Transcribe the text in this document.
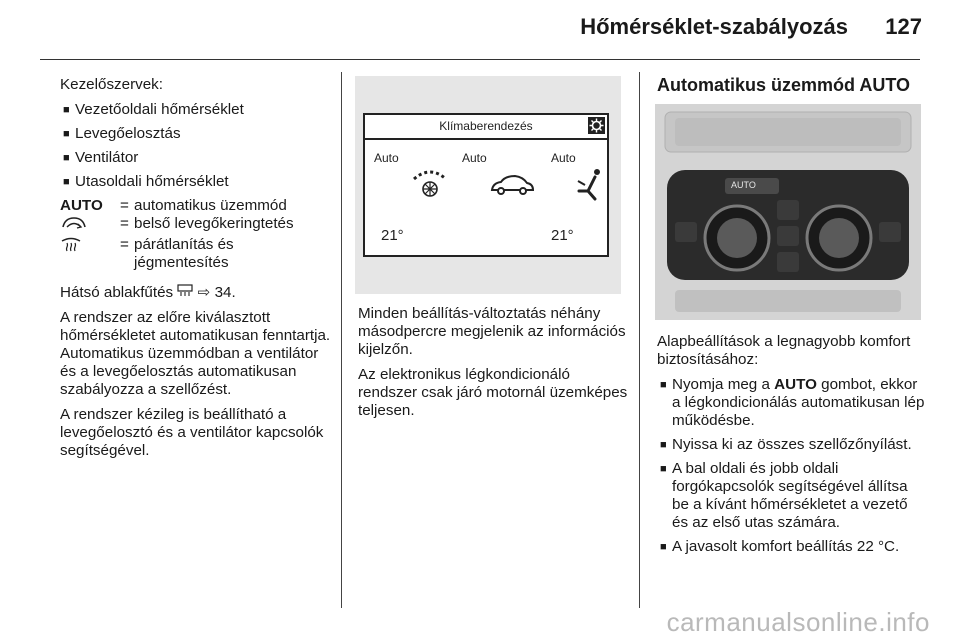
Hőmérséklet-szabályozás 127

Kezelőszervek:

■ Vezetőoldali hőmérséklet
■ Levegőelosztás
■ Ventilátor
■ Utasoldali hőmérséklet
AUTO	= automatikus üzemmód
= belső levegőkeringtetés
= párátlanítás és jégmentesítés

Hátsó ablakfűtés ⇨ 34.

A rendszer az előre kiválasztott hőmérsékletet automatikusan fenntartja. Automatikus üzemmódban a ventilátor és a levegőelosztás automatikusan szabályozza a szellőzést.

A rendszer kézileg is beállítható a levegőelosztó és a ventilátor kapcsolók segítségével.

Klímaberendezés
Auto	Auto	Auto
21°	21°

Minden beállítás-változtatás néhány másodpercre megjelenik az információs kijelzőn.

Az elektronikus légkondicionáló rendszer csak járó motornál üzemképes teljesen.

Automatikus üzemmód AUTO
AUTO

Alapbeállítások a legnagyobb komfort biztosításához:

■ Nyomja meg a AUTO gombot, ekkor a légkondicionálás automatikusan lép működésbe.
■ Nyissa ki az összes szellőzőnyílást.
■ A bal oldali és jobb oldali forgókapcsolók segítségével állítsa be a kívánt hőmérsékletet a vezető és az első utas számára.
■ A javasolt komfort beállítás 22 °C.
carmanualsonline.info
